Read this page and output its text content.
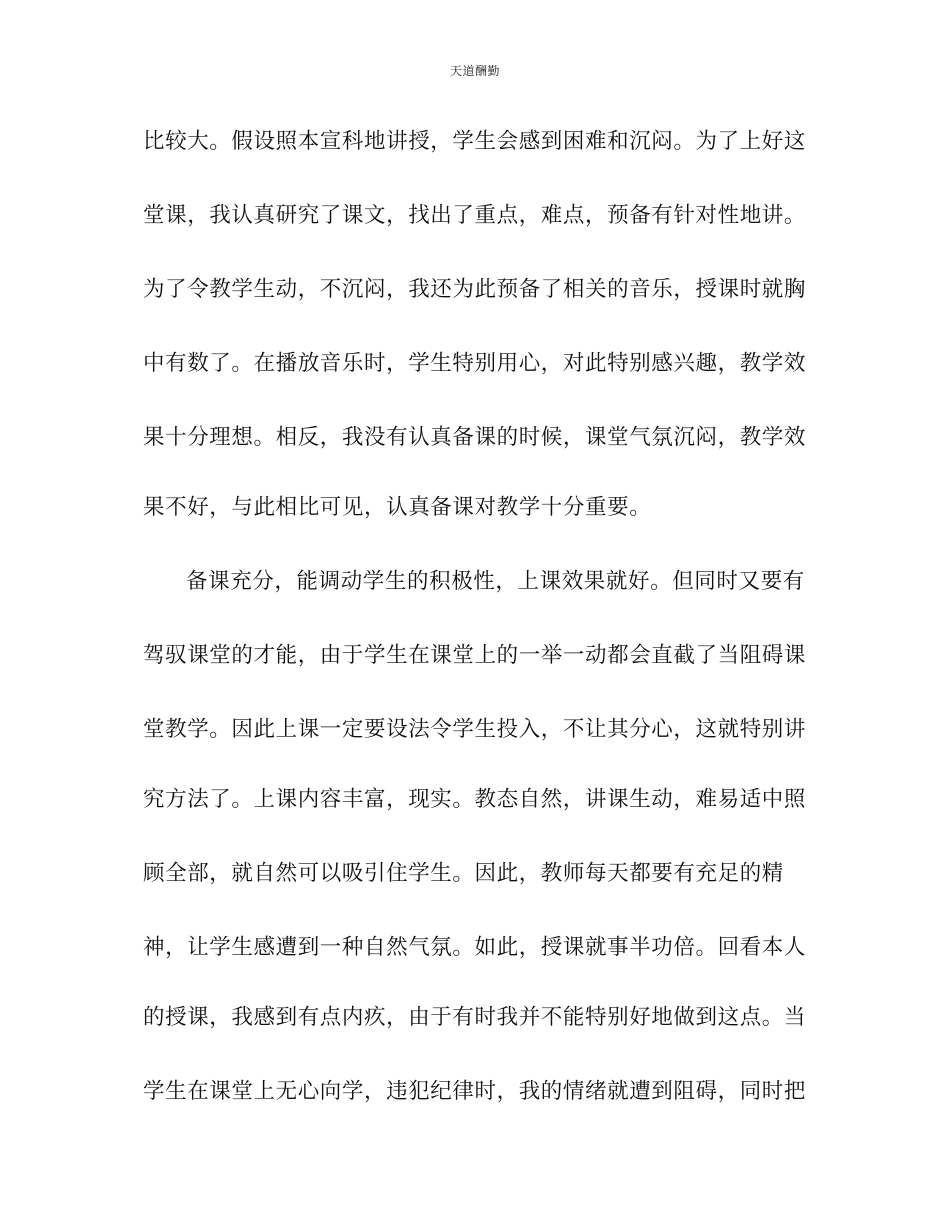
天道酬勤
比较大。假设照本宣科地讲授，学生会感到困难和沉闷。为了上好这
堂课，我认真研究了课文，找出了重点，难点，预备有针对性地讲。
为了令教学生动，不沉闷，我还为此预备了相关的音乐，授课时就胸
中有数了。在播放音乐时，学生特别用心，对此特别感兴趣，教学效
果十分理想。相反，我没有认真备课的时候，课堂气氛沉闷，教学效
果不好，与此相比可见，认真备课对教学十分重要。
备课充分，能调动学生的积极性，上课效果就好。但同时又要有
驾驭课堂的才能，由于学生在课堂上的一举一动都会直截了当阻碍课
堂教学。因此上课一定要设法令学生投入，不让其分心，这就特别讲
究方法了。上课内容丰富，现实。教态自然，讲课生动，难易适中照
顾全部，就自然可以吸引住学生。因此，教师每天都要有充足的精
神，让学生感遭到一种自然气氛。如此，授课就事半功倍。回看本人
的授课，我感到有点内疚，由于有时我并不能特别好地做到这点。当
学生在课堂上无心向学，违犯纪律时，我的情绪就遭到阻碍，同时把
